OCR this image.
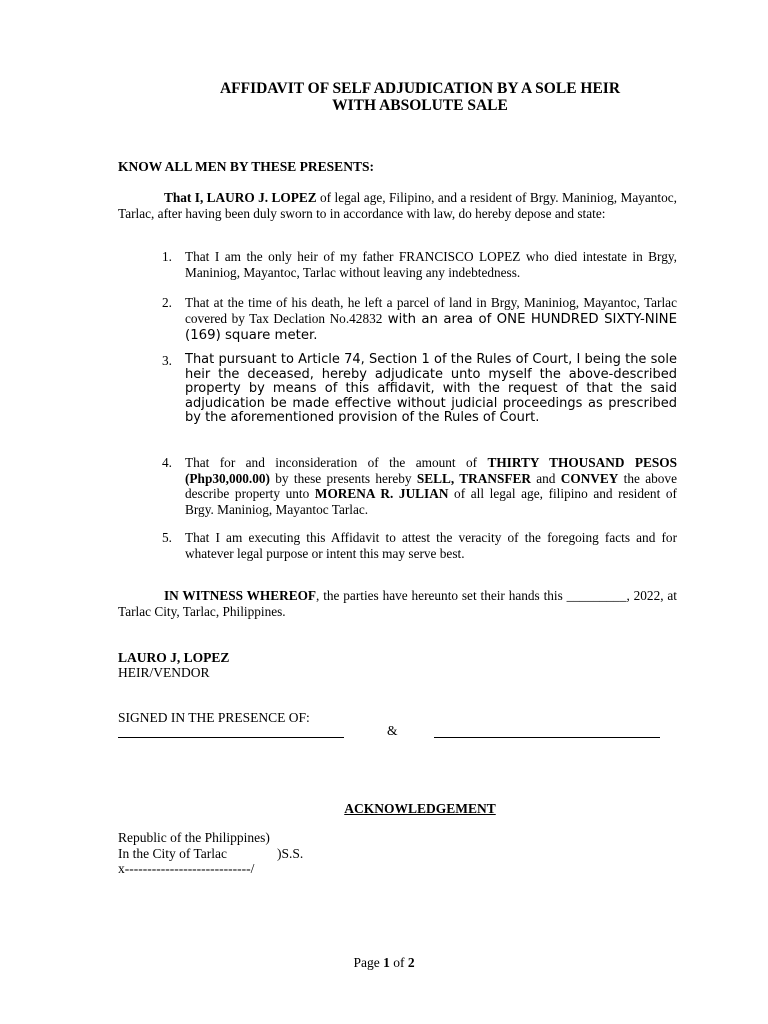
AFFIDAVIT OF SELF ADJUDICATION BY A SOLE HEIR
WITH ABSOLUTE SALE
KNOW ALL MEN BY THESE PRESENTS:
That I, LAURO J. LOPEZ of legal age, Filipino, and a resident of Brgy. Maniniog, Mayantoc, Tarlac, after having been duly sworn to in accordance with law, do hereby depose and state:
1. That I am the only heir of my father FRANCISCO LOPEZ who died intestate in Brgy, Maniniog, Mayantoc, Tarlac without leaving any indebtedness.
2. That at the time of his death, he left a parcel of land in Brgy, Maniniog, Mayantoc, Tarlac covered by Tax Declation No.42832 with an area of ONE HUNDRED SIXTY-NINE (169) square meter.
3. That pursuant to Article 74, Section 1 of the Rules of Court, I being the sole heir the deceased, hereby adjudicate unto myself the above-described property by means of this affidavit, with the request of that the said adjudication be made effective without judicial proceedings as prescribed by the aforementioned provision of the Rules of Court.
4. That for and inconsideration of the amount of THIRTY THOUSAND PESOS (Php30,000.00) by these presents hereby SELL, TRANSFER and CONVEY the above describe property unto MORENA R. JULIAN of all legal age, filipino and resident of Brgy. Maniniog, Mayantoc Tarlac.
5. That I am executing this Affidavit to attest the veracity of the foregoing facts and for whatever legal purpose or intent this may serve best.
IN WITNESS WHEREOF, the parties have hereunto set their hands this _________, 2022, at Tarlac City, Tarlac, Philippines.
LAURO J, LOPEZ
HEIR/VENDOR
SIGNED IN THE PRESENCE OF:
&
ACKNOWLEDGEMENT
Republic of the Philippines)
In the City of Tarlac	)S.S.
x----------------------------/
Page 1 of 2
